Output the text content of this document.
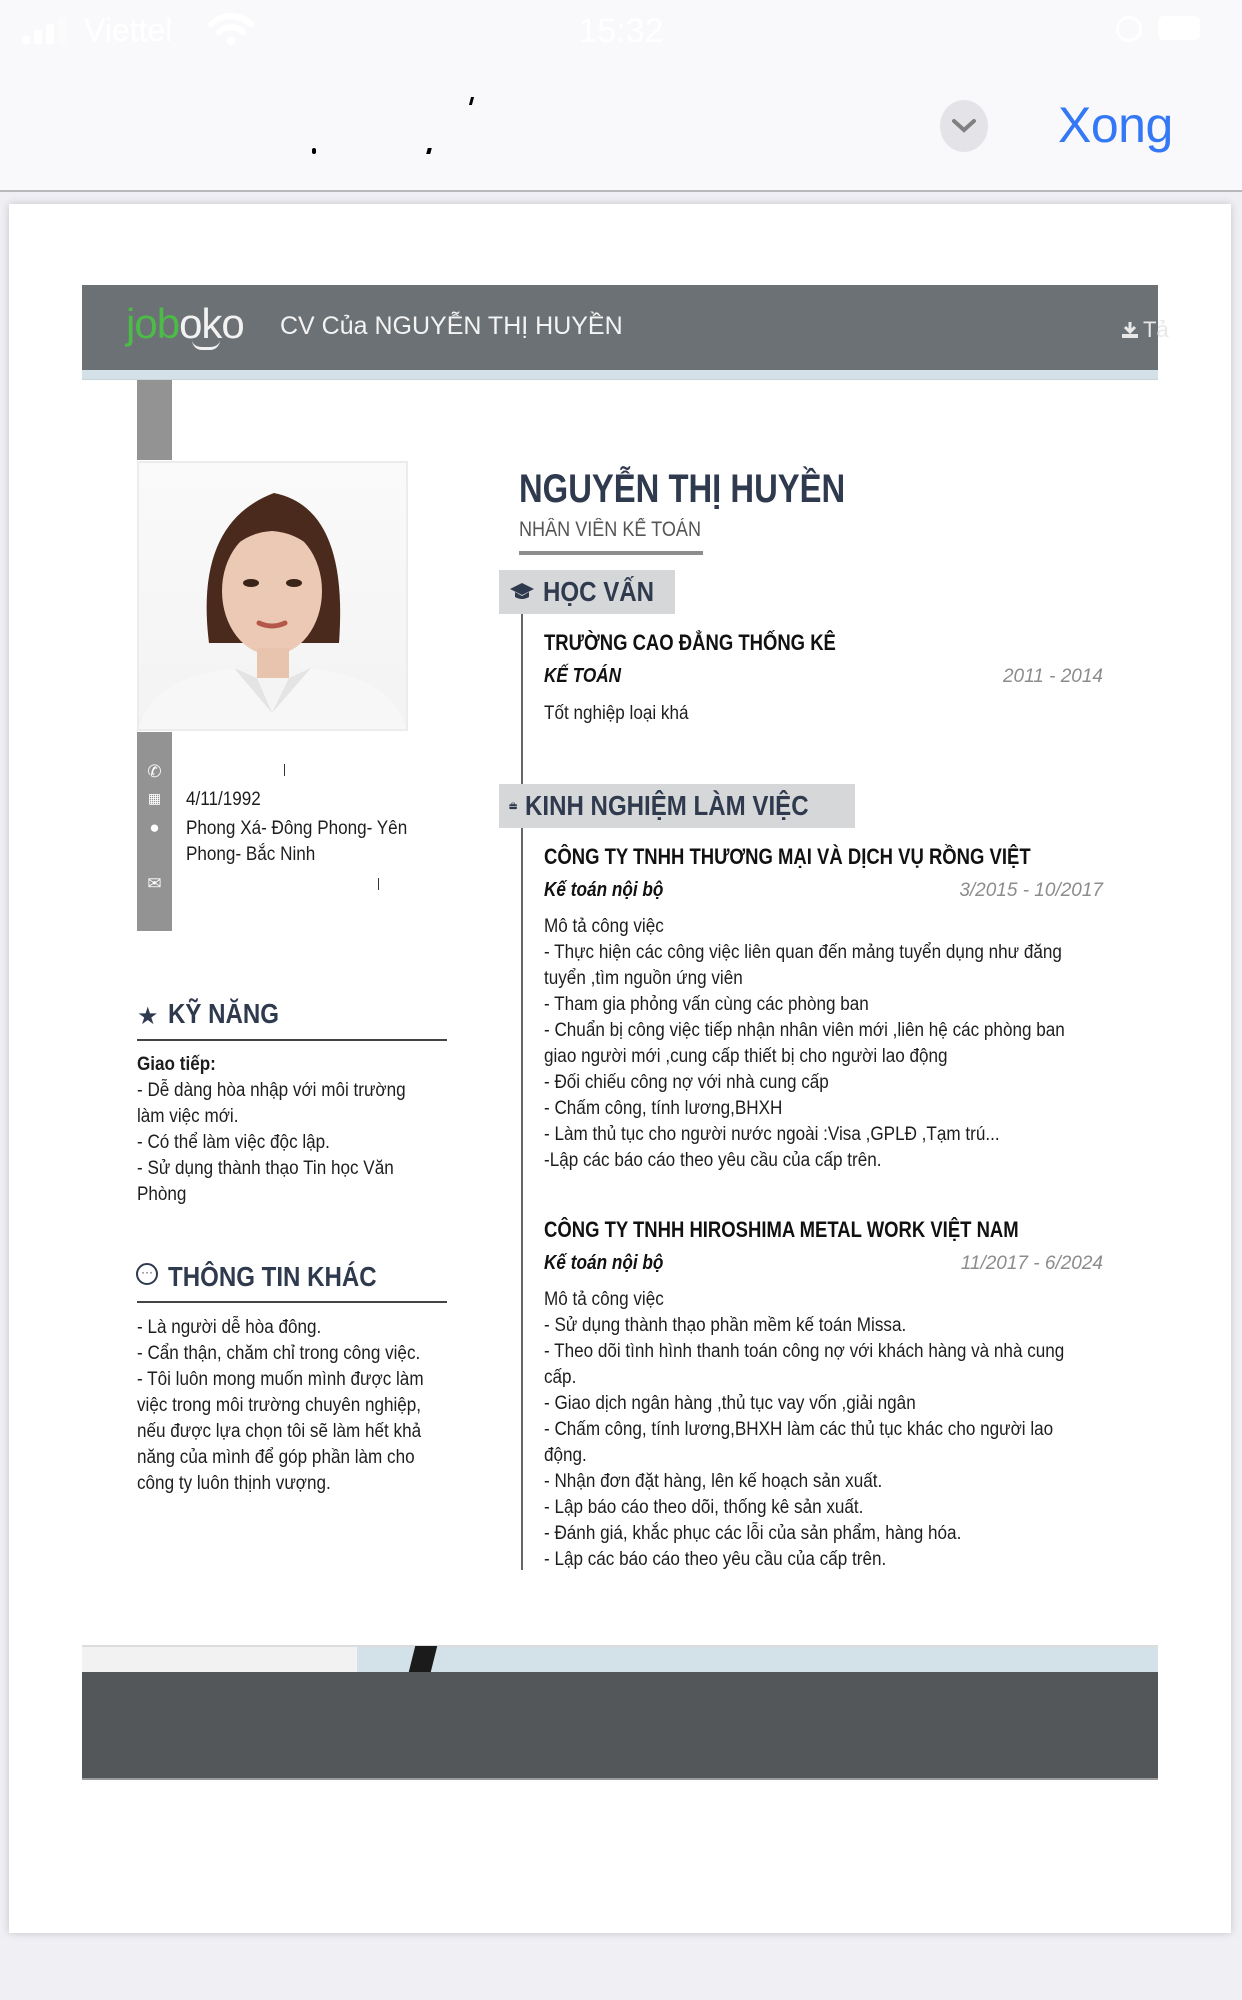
Viettel	15:32
Xong
joboko CV Của NGUYỄN THỊ HUYỀN	Tả
✆
▦
●
✉
4/11/1992
Phong Xá- Đông Phong- Yên
Phong- Bắc Ninh
★ KỸ NĂNG
Giao tiếp:
- Dễ dàng hòa nhập với môi trường
làm việc mới.
- Có thể làm việc độc lập.
- Sử dụng thành thạo Tin học Văn
Phòng
··· THÔNG TIN KHÁC
- Là người dễ hòa đông.
- Cẩn thận, chăm chỉ trong công việc.
- Tôi luôn mong muốn mình được làm
việc trong môi trường chuyên nghiệp,
nếu được lựa chọn tôi sẽ làm hết khả
năng của mình để góp phần làm cho
công ty luôn thịnh vượng.
NGUYỄN THỊ HUYỀN
NHÂN VIÊN KẾ TOÁN
HỌC VẤN
TRƯỜNG CAO ĐẲNG THỐNG KÊ
KẾ TOÁN	2011 - 2014
Tốt nghiệp loại khá
KINH NGHIỆM LÀM VIỆC
CÔNG TY TNHH THƯƠNG MẠI VÀ DỊCH VỤ RỒNG VIỆT
Kế toán nội bộ	3/2015 - 10/2017
Mô tả công việc
- Thực hiện các công việc liên quan đến mảng tuyển dụng như đăng
tuyển ,tìm nguồn ứng viên
- Tham gia phỏng vấn cùng các phòng ban
- Chuẩn bị công việc tiếp nhận nhân viên mới ,liên hệ các phòng ban
giao người mới ,cung cấp thiết bị cho người lao động
- Đối chiếu công nợ với nhà cung cấp
- Chấm công, tính lương,BHXH
- Làm thủ tục cho người nước ngoài :Visa ,GPLĐ ,Tạm trú...
-Lập các báo cáo theo yêu cầu của cấp trên.
CÔNG TY TNHH HIROSHIMA METAL WORK VIỆT NAM
Kế toán nội bộ	11/2017 - 6/2024
Mô tả công việc
- Sử dụng thành thạo phần mềm kế toán Missa.
- Theo dõi tình hình thanh toán công nợ với khách hàng và nhà cung
cấp.
- Giao dịch ngân hàng ,thủ tục vay vốn ,giải ngân
- Chấm công, tính lương,BHXH làm các thủ tục khác cho người lao
động.
- Nhận đơn đặt hàng, lên kế hoạch sản xuất.
- Lập báo cáo theo dõi, thống kê sản xuất.
- Đánh giá, khắc phục các lỗi của sản phẩm, hàng hóa.
- Lập các báo cáo theo yêu cầu của cấp trên.
